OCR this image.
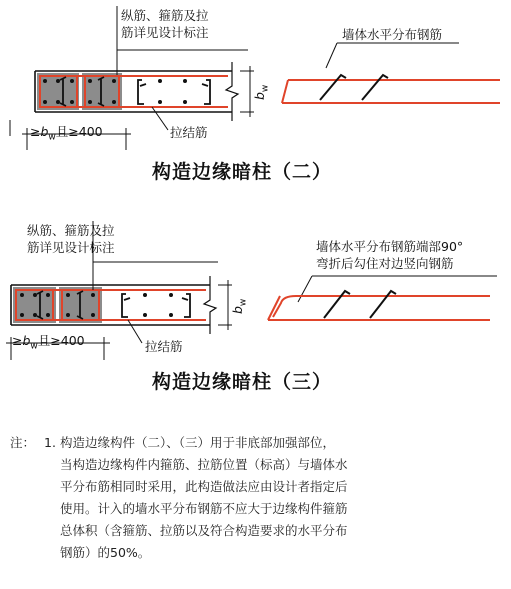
纵筋、箍筋及拉
筋详见设计标注	墙体水平分布钢筋
拉结筋
$\ge b_w$且≥400
$b_w$
构造边缘暗柱（二）
纵筋、箍筋及拉
筋详见设计标注	墙体水平分布钢筋端部90°
弯折后勾住对边竖向钢筋
拉结筋
$\ge b_w$且≥400
$b_w$
构造边缘暗柱（三）
注： 1. 构造边缘构件（二）、（三）用于非底部加强部位，
当构造边缘构件内箍筋、拉筋位置（标高）与墙体水
平分布筋相同时采用，此构造做法应由设计者指定后
使用。计入的墙水平分布钢筋不应大于边缘构件箍筋
总体积（含箍筋、拉筋以及符合构造要求的水平分布
钢筋）的50%。
